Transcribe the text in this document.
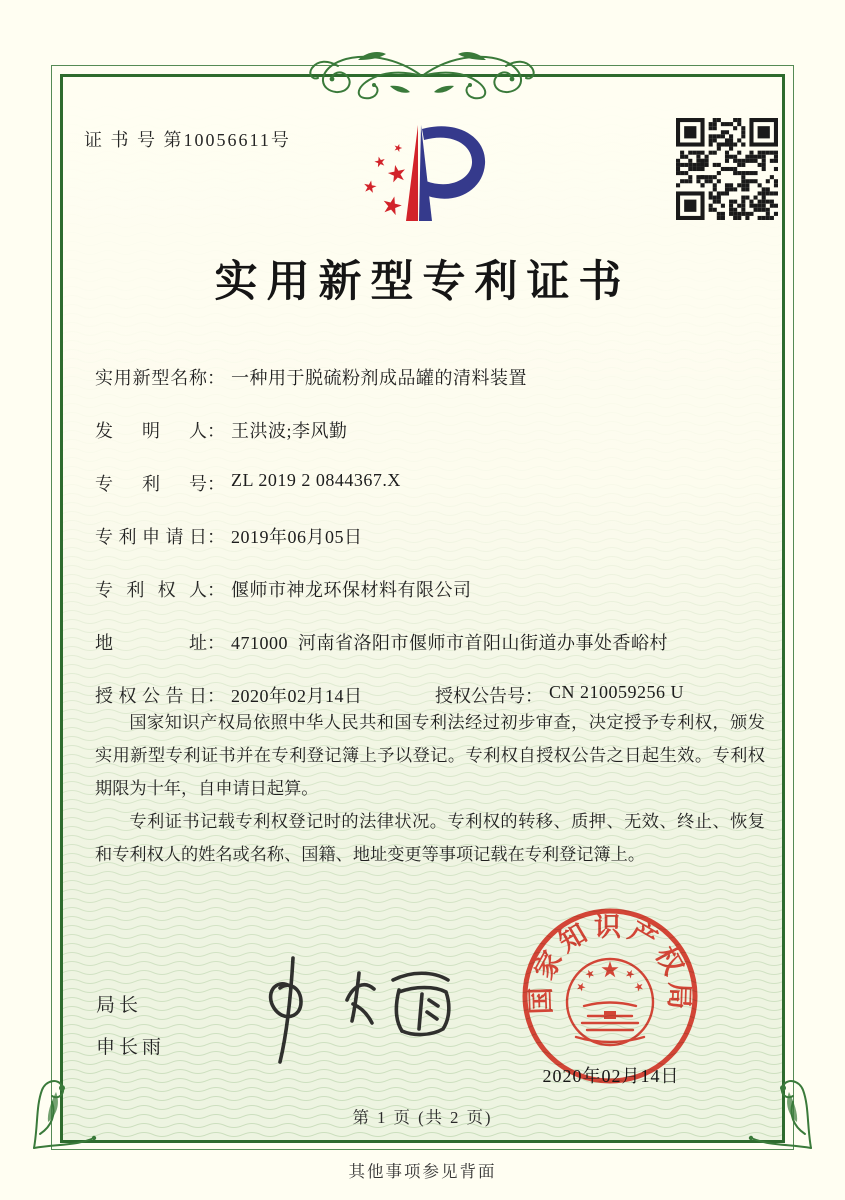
证 书 号 第10056611号
实用新型专利证书
实用新型名称 ： 一种用于脱硫粉剂成品罐的清料装置
发明人 ： 王洪波;李风勤
专利号 ： ZL 2019 2 0844367.X
专利申请日 ： 2019年06月05日
专利权人 ： 偃师市神龙环保材料有限公司
地址 ： 471000  河南省洛阳市偃师市首阳山街道办事处香峪村
授权公告日 ： 2020年02月14日	授权公告号 ： CN 210059256 U

国家知识产权局依照中华人民共和国专利法经过初步审查，决定授予专利权，颁发实用新型专利证书并在专利登记簿上予以登记。专利权自授权公告之日起生效。专利权期限为十年，自申请日起算。

专利证书记载专利权登记时的法律状况。专利权的转移、质押、无效、终止、恢复和专利权人的姓名或名称、国籍、地址变更等事项记载在专利登记簿上。

局长
申长雨
国家知识产权局
2020年02月14日
第 1 页 (共 2 页)
其他事项参见背面
